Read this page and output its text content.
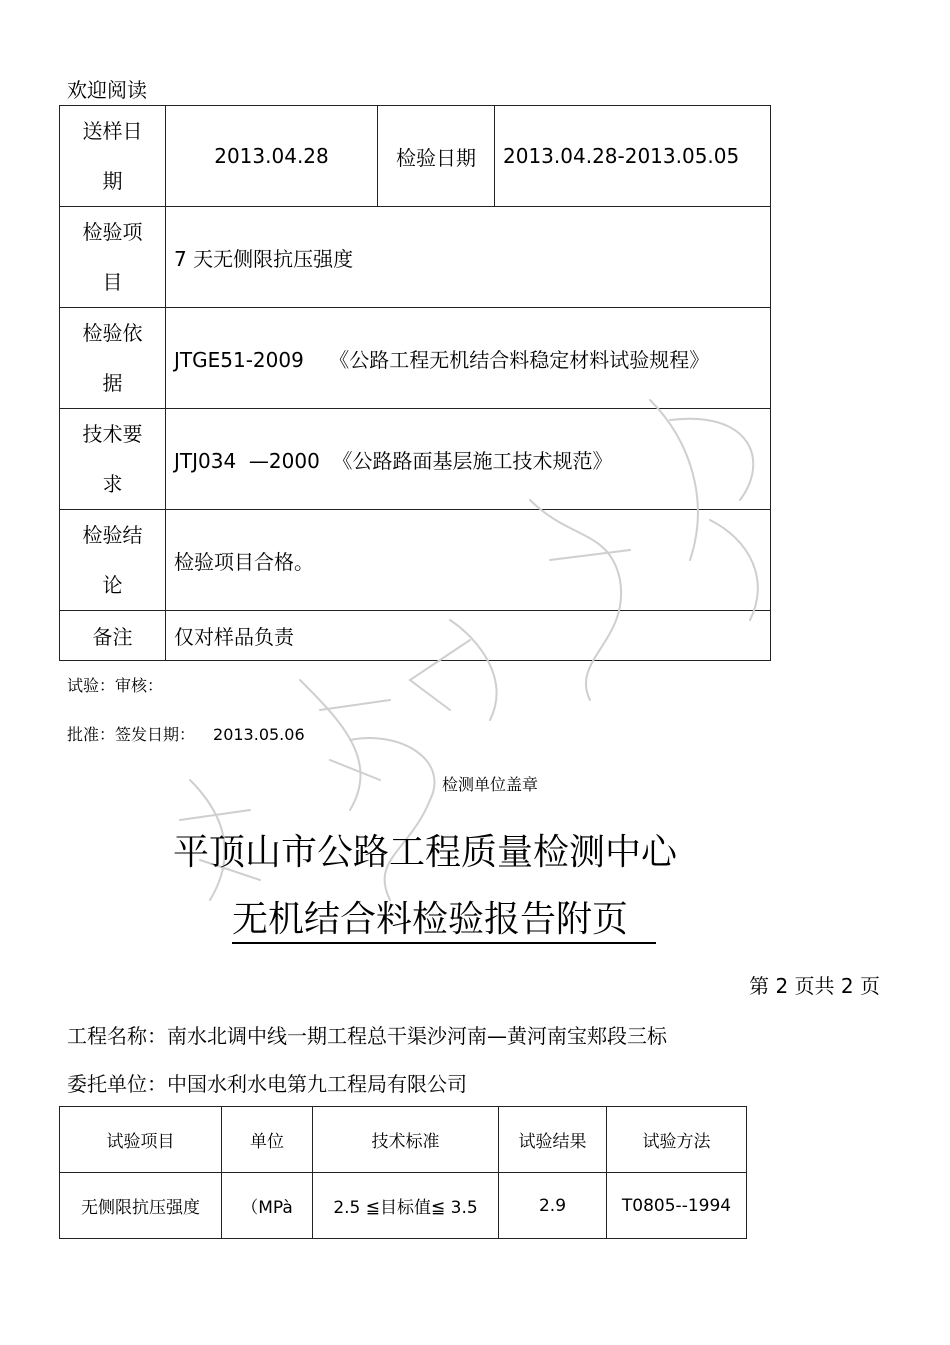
欢迎阅读
送样日期	2013.04.28	检验日期	2013.04.28-2013.05.05

检验项目	7 天无侧限抗压强度		

检验依据	JTGE51-2009    《公路工程无机结合料稳定材料试验规程》		

技术要求	JTJ034  —2000  《公路路面基层施工技术规范》		

检验结论	检验项目合格。		
备注	仅对样品负责		
试验：审核：
批准：签发日期： 2013.05.06
检测单位盖章
平顶山市公路工程质量检测中心
无机结合料检验报告附页
第 2 页共 2 页
工程名称：南水北调中线一期工程总干渠沙河南—黄河南宝郏段三标
委托单位：中国水利水电第九工程局有限公司
试验项目	单位	技术标准	试验结果	试验方法
无侧限抗压强度	（MPà	2.5 ≦目标值≦ 3.5	2.9	T0805--1994
